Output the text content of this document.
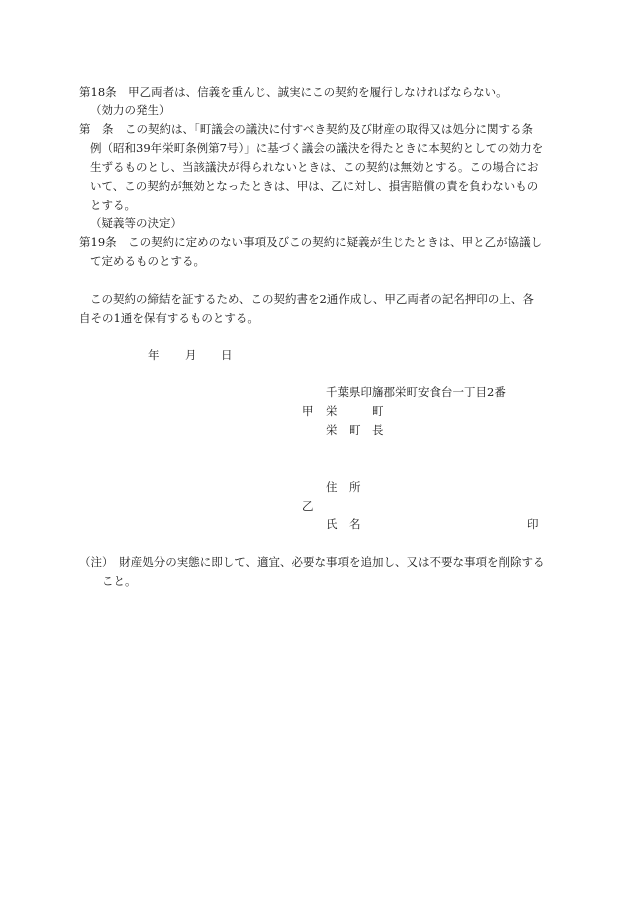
第18条　甲乙両者は、信義を重んじ、誠実にこの契約を履行しなければならない。
（効力の発生）
第　条　この契約は、「町議会の議決に付すべき契約及び財産の取得又は処分に関する条
例（昭和39年栄町条例第7号）」に基づく議会の議決を得たときに本契約としての効力を
生ずるものとし、当該議決が得られないときは、この契約は無効とする。この場合にお
いて、この契約が無効となったときは、甲は、乙に対し、損害賠償の責を負わないもの
とする。
（疑義等の決定）
第19条　この契約に定めのない事項及びこの契約に疑義が生じたときは、甲と乙が協議し
て定めるものとする。
この契約の締結を証するため、この契約書を2通作成し、甲乙両者の記名押印の上、各
自その1通を保有するものとする。
年 月 日
千葉県印旛郡栄町安食台一丁目2番
甲 栄	町
栄 町 長
住 所
乙
氏 名	印
（注）　財産処分の実態に即して、適宜、必要な事項を追加し、又は不要な事項を削除する
こと。
